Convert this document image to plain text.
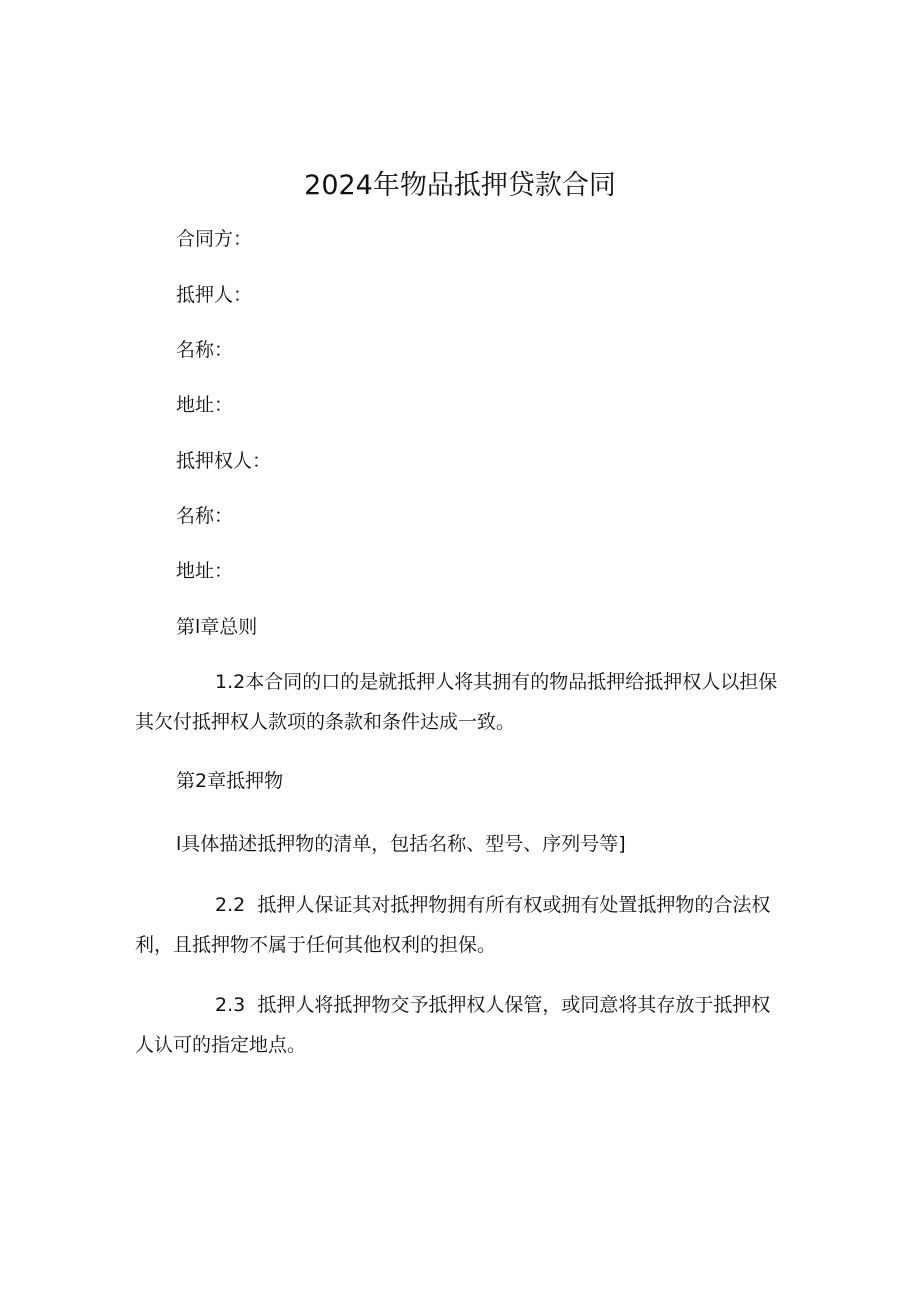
2024年物品抵押贷款合同
合同方：
抵押人：
名称：
地址：
抵押权人：
名称：
地址：
第l章总则
1.2本合同的口的是就抵押人将其拥有的物品抵押给抵押权人以担保其欠付抵押权人款项的条款和条件达成一致。
第2章抵押物
l具体描述抵押物的清单，包括名称、型号、序列号等]
2.2 抵押人保证其对抵押物拥有所有权或拥有处置抵押物的合法权利，且抵押物不属于任何其他权利的担保。
2.3 抵押人将抵押物交予抵押权人保管，或同意将其存放于抵押权人认可的指定地点。
